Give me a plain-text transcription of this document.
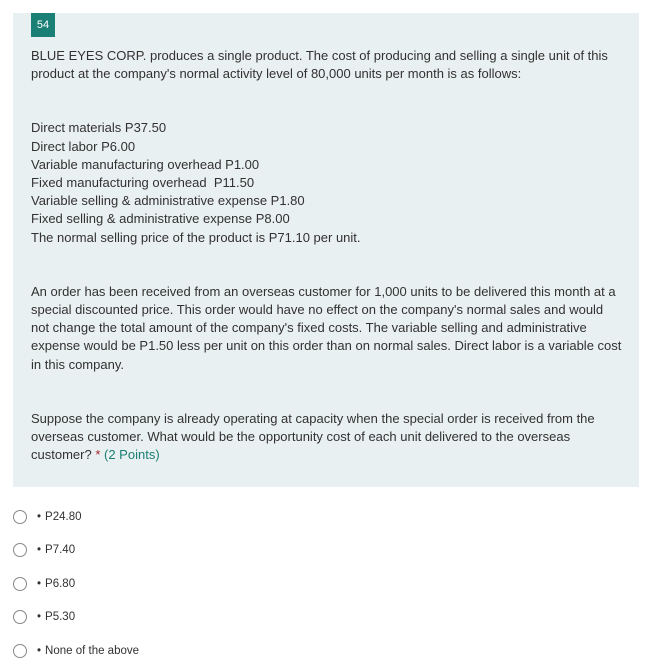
54

BLUE EYES CORP. produces a single product. The cost of producing and selling a single unit of this product at the company's normal activity level of 80,000 units per month is as follows:

Direct materials P37.50

Direct labor P6.00

Variable manufacturing overhead P1.00

Fixed manufacturing overhead  P11.50

Variable selling & administrative expense P1.80

Fixed selling & administrative expense P8.00

The normal selling price of the product is P71.10 per unit.

An order has been received from an overseas customer for 1,000 units to be delivered this month at a special discounted price. This order would have no effect on the company's normal sales and would not change the total amount of the company's fixed costs. The variable selling and administrative expense would be P1.50 less per unit on this order than on normal sales. Direct labor is a variable cost in this company.

Suppose the company is already operating at capacity when the special order is received from the overseas customer. What would be the opportunity cost of each unit delivered to the overseas customer? * (2 Points)

• P24.80
• P7.40
• P6.80
• P5.30
• None of the above
